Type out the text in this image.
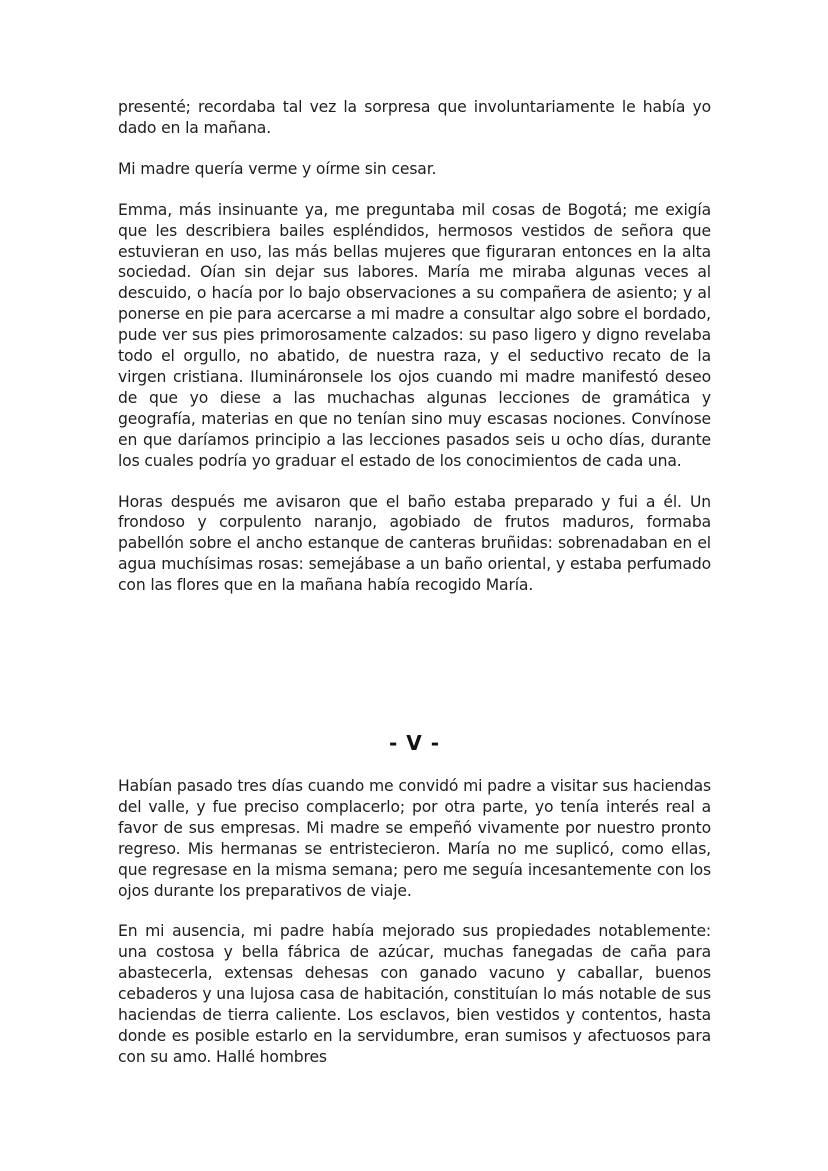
presenté; recordaba tal vez la sorpresa que involuntariamente le había yo dado en la mañana.

Mi madre quería verme y oírme sin cesar.

Emma, más insinuante ya, me preguntaba mil cosas de Bogotá; me exigía que les describiera bailes espléndidos, hermosos vestidos de señora que estuvieran en uso, las más bellas mujeres que figuraran entonces en la alta sociedad. Oían sin dejar sus labores. María me miraba algunas veces al descuido, o hacía por lo bajo observaciones a su compañera de asiento; y al ponerse en pie para acercarse a mi madre a consultar algo sobre el bordado, pude ver sus pies primorosamente calzados: su paso ligero y digno revelaba todo el orgullo, no abatido, de nuestra raza, y el seductivo recato de la virgen cristiana. Ilumináronsele los ojos cuando mi madre manifestó deseo de que yo diese a las muchachas algunas lecciones de gramática y geografía, materias en que no tenían sino muy escasas nociones. Convínose en que daríamos principio a las lecciones pasados seis u ocho días, durante los cuales podría yo graduar el estado de los conocimientos de cada una.

Horas después me avisaron que el baño estaba preparado y fui a él. Un frondoso y corpulento naranjo, agobiado de frutos maduros, formaba pabellón sobre el ancho estanque de canteras bruñidas: sobrenadaban en el agua muchísimas rosas: semejábase a un baño oriental, y estaba perfumado con las flores que en la mañana había recogido María.

- V -

Habían pasado tres días cuando me convidó mi padre a visitar sus haciendas del valle, y fue preciso complacerlo; por otra parte, yo tenía interés real a favor de sus empresas. Mi madre se empeñó vivamente por nuestro pronto regreso. Mis hermanas se entristecieron. María no me suplicó, como ellas, que regresase en la misma semana; pero me seguía incesantemente con los ojos durante los preparativos de viaje.

En mi ausencia, mi padre había mejorado sus propiedades notablemente: una costosa y bella fábrica de azúcar, muchas fanegadas de caña para abastecerla, extensas dehesas con ganado vacuno y caballar, buenos cebaderos y una lujosa casa de habitación, constituían lo más notable de sus haciendas de tierra caliente. Los esclavos, bien vestidos y contentos, hasta donde es posible estarlo en la servidumbre, eran sumisos y afectuosos para con su amo. Hallé hombres
